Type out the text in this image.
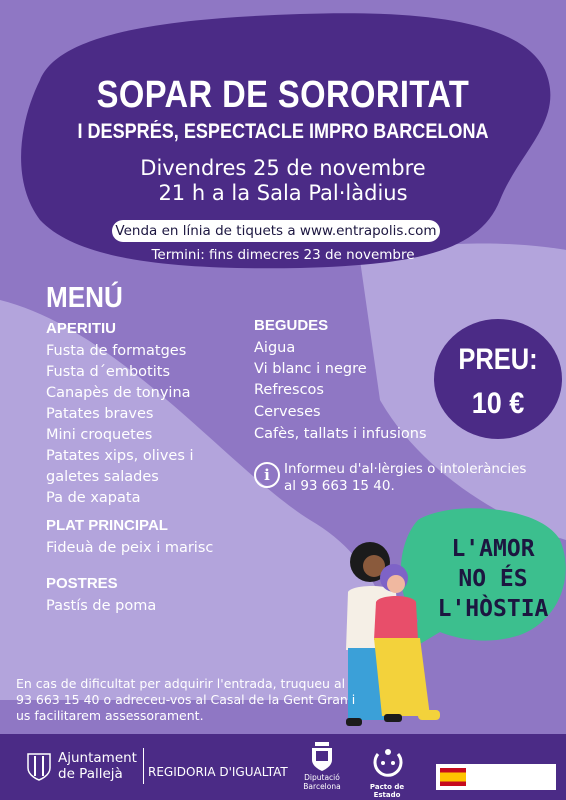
SOPAR DE SORORITAT
I DESPRÉS, ESPECTACLE IMPRO BARCELONA
Divendres 25 de novembre
21 h a la Sala Pal·làdius
Venda en línia de tiquets a www.entrapolis.com
Termini: fins dimecres 23 de novembre
MENÚ
APERITIU
Fusta de formatges
Fusta d´embotits
Canapès de tonyina
Patates braves
Mini croquetes
Patates xips, olives i
galetes salades
Pa de xapata
PLAT PRINCIPAL
Fideuà de peix i marisc
POSTRES
Pastís de poma
BEGUDES
Aigua
Vi blanc i negre
Refrescos
Cerveses
Cafès, tallats i infusions
PREU:
10 €
i	Informeu d'al·lèrgies o intoleràncies
al 93 663 15 40.
L'AMOR
NO ÉS
L'HÒSTIA
En cas de dificultat per adquirir l'entrada, truqueu al
93 663 15 40 o adreceu-vos al Casal de la Gent Gran i
us facilitarem assessorament.
Ajuntament
de Pallejà	REGIDORIA D'IGUALTAT	Diputació
Barcelona	Pacto de Estado
